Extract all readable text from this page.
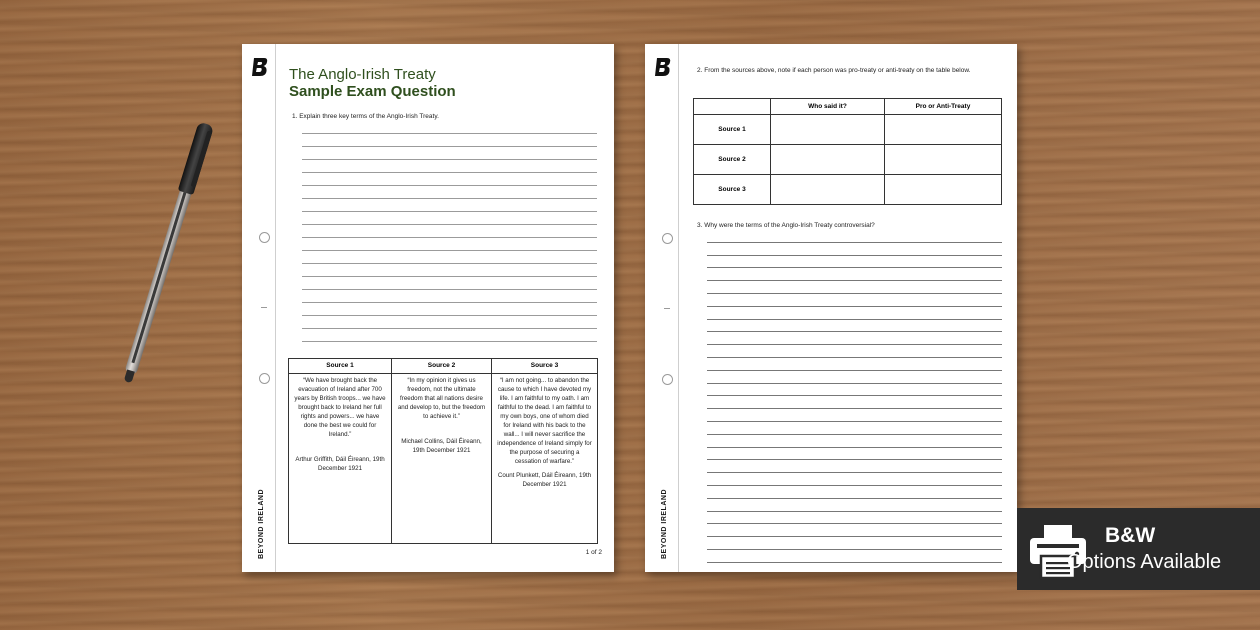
BEYOND IRELAND
The Anglo-Irish Treaty
Sample Exam Question
1. Explain three key terms of the Anglo-Irish Treaty.
Source 1	Source 2	Source 3
“We have brought back the evacuation of Ireland after 700 years by British troops... we have brought back to Ireland her full rights and powers... we have done the best we could for Ireland.”
Arthur Griffith, Dáil Éireann, 19th December 1921
“In my opinion it gives us freedom, not the ultimate freedom that all nations desire and develop to, but the freedom to achieve it.”
Michael Collins, Dáil Éireann, 19th December 1921
“I am not going... to abandon the cause to which I have devoted my life. I am faithful to my oath. I am faithful to the dead. I am faithful to my own boys, one of whom died for Ireland with his back to the wall... I will never sacrifice the independence of Ireland simply for the purpose of securing a cessation of warfare.”
Count Plunkett, Dáil Éireann, 19th December 1921
1 of 2	BEYOND IRELAND
2. From the sources above, note if each person was pro-treaty or anti-treaty on the table below.
	Who said it?	Pro or Anti-Treaty
Source 1		
Source 2		
Source 3		
3. Why were the terms of the Anglo-Irish Treaty controversial?
B&W
Options Available
